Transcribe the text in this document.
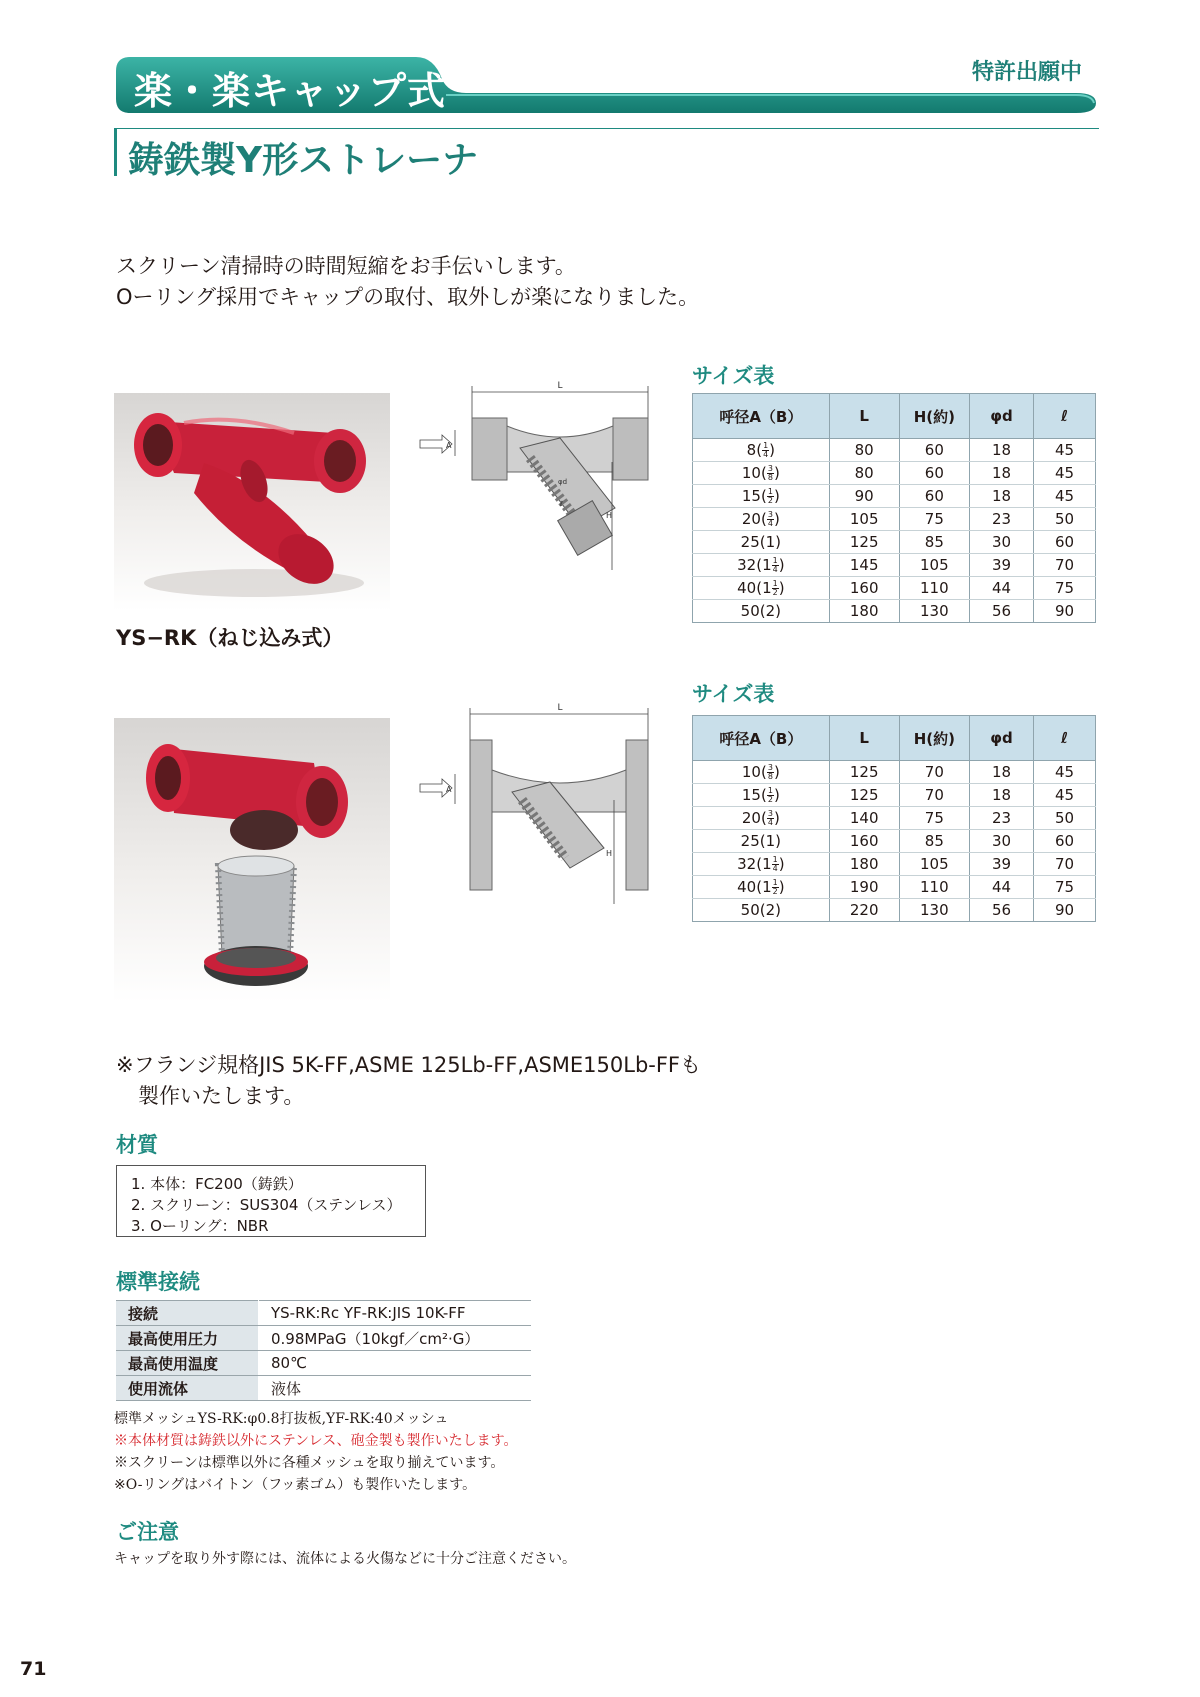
楽・楽キャップ式	特許出願中
鋳鉄製Y形ストレーナ
スクリーン清掃時の時間短縮をお手伝いします。
Oーリング採用でキャップの取付、取外しが楽になりました。
L
A
H
φd
ℓ
サイズ表
呼径A（B）	L	H(約)	φd	ℓ
$8( \frac{1}{4}$ )	80	60	18	45
$10( \frac{3}{8}$ )	80	60	18	45
$15( \frac{1}{2}$ )	90	60	18	45
$20( \frac{3}{4}$ )	105	75	23	50
25(1)	125	85	30	60
$32(1 \frac{1}{4}$ )	145	105	39	70
$40(1 \frac{1}{2}$ )	160	110	44	75
50(2)	180	130	56	90
YS−RK（ねじ込み式）
L
A
H
サイズ表
呼径A（B）	L	H(約)	φd	ℓ
$10( \frac{3}{8}$ )	125	70	18	45
$15( \frac{1}{2}$ )	125	70	18	45
$20( \frac{3}{4}$ )	140	75	23	50
25(1)	160	85	30	60
$32(1 \frac{1}{4}$ )	180	105	39	70
$40(1 \frac{1}{2}$ )	190	110	44	75
50(2)	220	130	56	90
※フランジ規格JIS 5K-FF,ASME 125Lb-FF,ASME150Lb-FFも
製作いたします。
材質
1. 本体：FC200（鋳鉄）
2. スクリーン：SUS304（ステンレス）
3. Oーリング：NBR
標準接続
接続	YS-RK:Rc YF-RK:JIS 10K-FF
最高使用圧力	0.98MPaG（10kgf／cm²·G）
最高使用温度	80℃
使用流体	液体
標準メッシュYS-RK:φ0.8打抜板,YF-RK:40メッシュ
※本体材質は鋳鉄以外にステンレス、砲金製も製作いたします。
※スクリーンは標準以外に各種メッシュを取り揃えています。
※O-リングはバイトン（フッ素ゴム）も製作いたします。
ご注意
キャップを取り外す際には、流体による火傷などに十分ご注意ください。
71
